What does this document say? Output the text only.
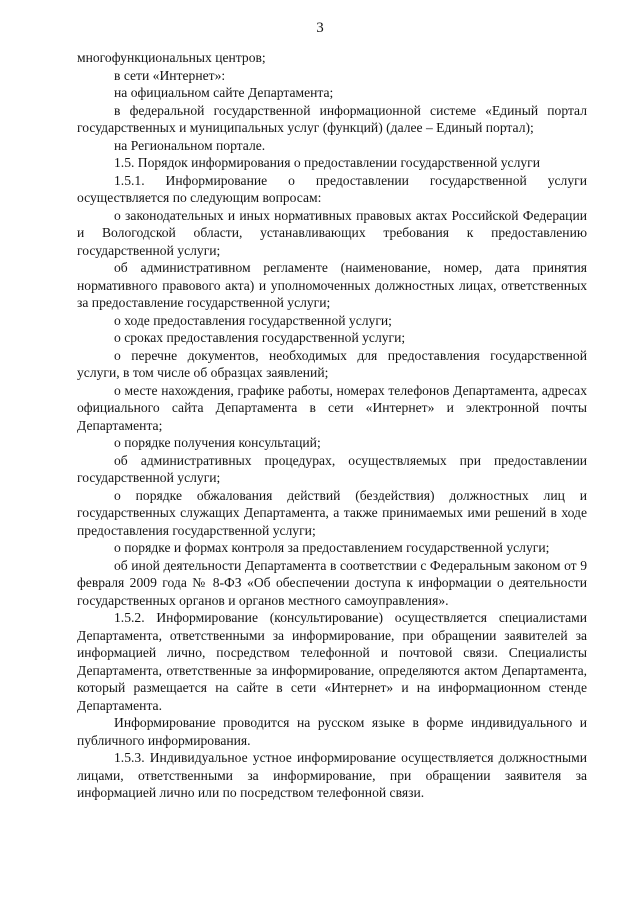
3

многофункциональных центров;

в сети «Интернет»:

на официальном сайте Департамента;

в федеральной государственной информационной системе «Единый портал государственных и муниципальных услуг (функций) (далее – Единый портал);

на Региональном портале.

1.5. Порядок информирования о предоставлении государственной услуги

1.5.1. Информирование о предоставлении государственной услуги осуществляется по следующим вопросам:

о законодательных и иных нормативных правовых актах Российской Федерации и Вологодской области, устанавливающих требования к предоставлению государственной услуги;

об административном регламенте (наименование, номер, дата принятия нормативного правового акта) и уполномоченных должностных лицах, ответственных за предоставление государственной услуги;

о ходе предоставления государственной услуги;

о сроках предоставления государственной услуги;

о перечне документов, необходимых для предоставления государственной услуги, в том числе об образцах заявлений;

о месте нахождения, графике работы, номерах телефонов Департамента, адресах официального сайта Департамента в сети «Интернет» и электронной почты Департамента;

о порядке получения консультаций;

об административных процедурах, осуществляемых при предоставлении государственной услуги;

о порядке обжалования действий (бездействия) должностных лиц и государственных служащих Департамента, а также принимаемых ими решений в ходе предоставления государственной услуги;

о порядке и формах контроля за предоставлением государственной услуги;

об иной деятельности Департамента в соответствии с Федеральным законом от 9 февраля 2009 года № 8-ФЗ «Об обеспечении доступа к информации о деятельности государственных органов и органов местного самоуправления».

1.5.2. Информирование (консультирование) осуществляется специалистами Департамента, ответственными за информирование, при обращении заявителей за информацией лично, посредством телефонной и почтовой связи. Специалисты Департамента, ответственные за информирование, определяются актом Департамента, который размещается на сайте в сети «Интернет» и на информационном стенде Департамента.

Информирование проводится на русском языке в форме индивидуального и публичного информирования.

1.5.3. Индивидуальное устное информирование осуществляется должностными лицами, ответственными за информирование, при обращении заявителя за информацией лично или по посредством телефонной связи.
